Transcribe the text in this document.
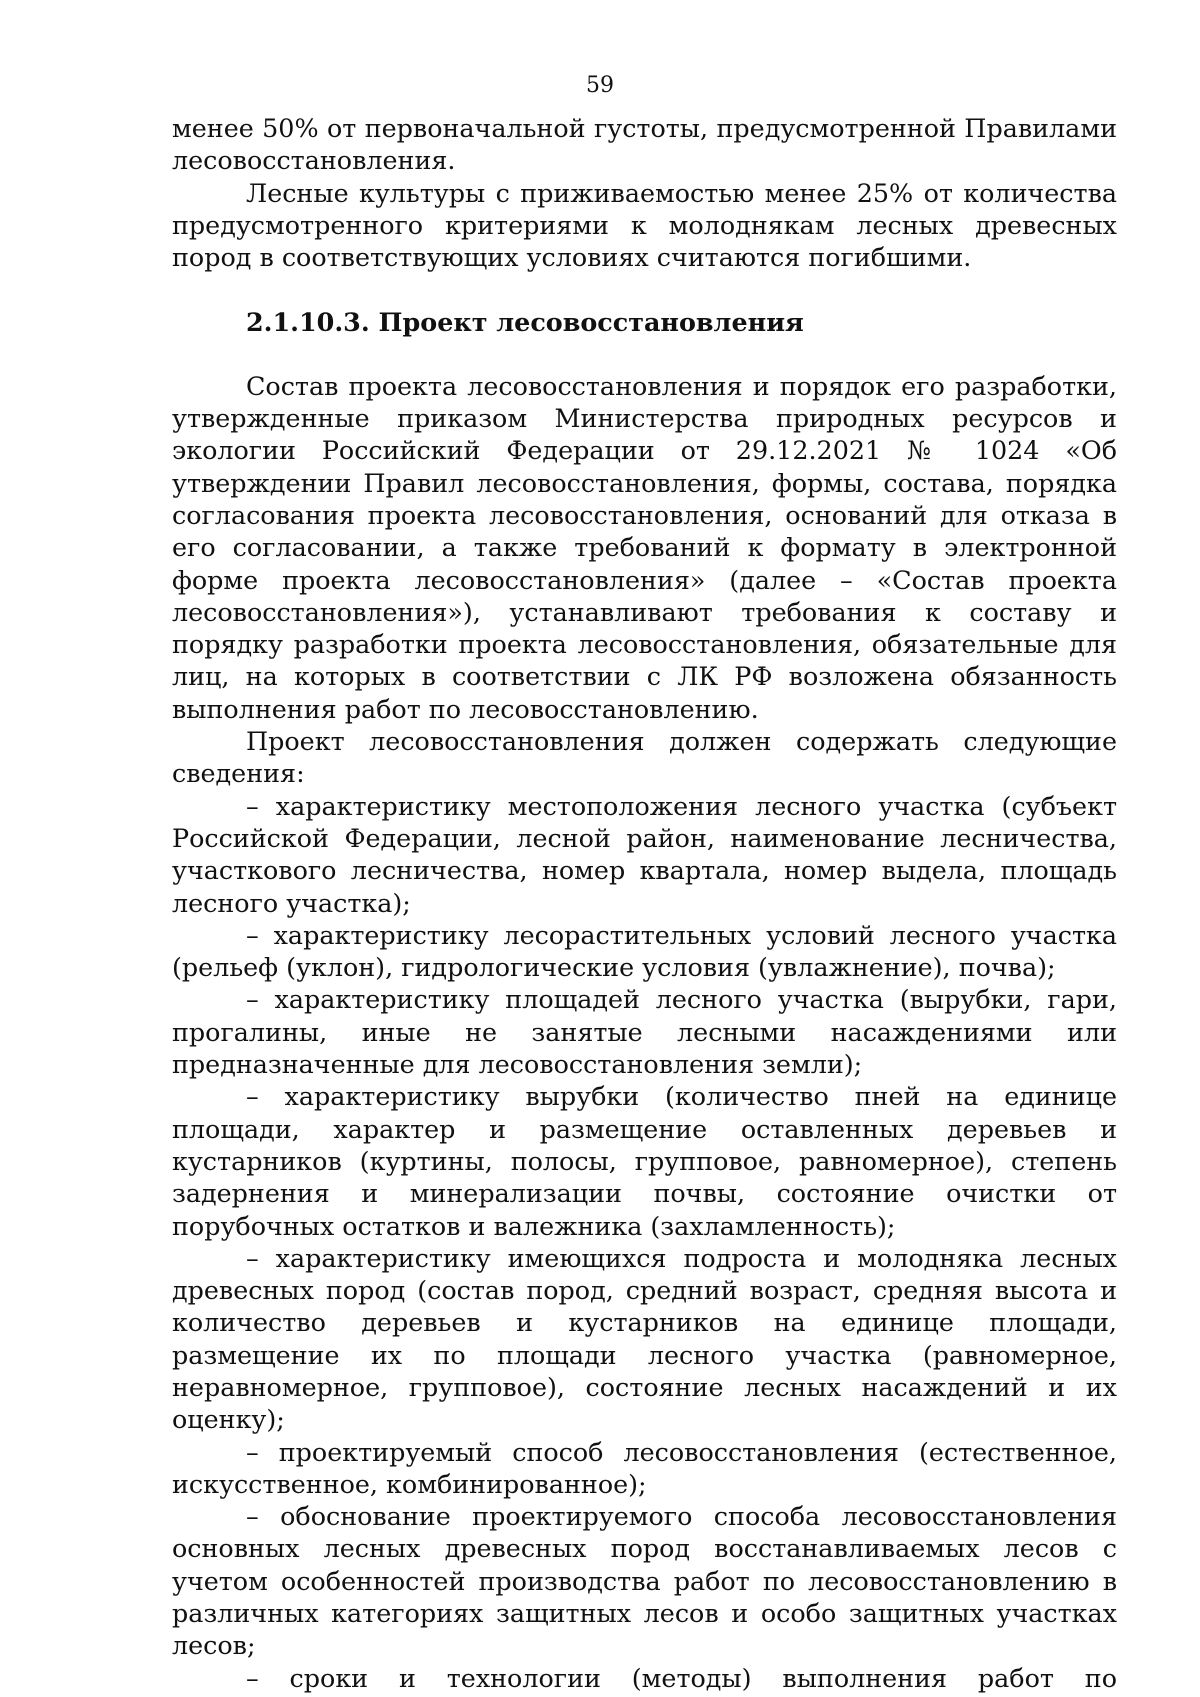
59

менее 50% от первоначальной густоты, предусмотренной Правилами лесовосстановления.

Лесные культуры с приживаемостью менее 25% от количества предусмотренного критериями к молоднякам лесных древесных пород в соответствующих условиях считаются погибшими.

2.1.10.3. Проект лесовосстановления

Состав проекта лесовосстановления и порядок его разработки, утвержденные приказом Министерства природных ресурсов и экологии Российский Федерации от 29.12.2021 № 1024 «Об утверждении Правил лесовосстановления, формы, состава, порядка согласования проекта лесовосстановления, оснований для отказа в его согласовании, а также требований к формату в электронной форме проекта лесовосстановления» (далее – «Состав проекта лесовосстановления»), устанавливают требования к составу и порядку разработки проекта лесовосстановления, обязательные для лиц, на которых в соответствии с ЛК РФ возложена обязанность выполнения работ по лесовосстановлению.

Проект лесовосстановления должен содержать следующие сведения:

– характеристику местоположения лесного участка (субъект Российской Федерации, лесной район, наименование лесничества, участкового лесничества, номер квартала, номер выдела, площадь лесного участка);

– характеристику лесорастительных условий лесного участка (рельеф (уклон), гидрологические условия (увлажнение), почва);

– характеристику площадей лесного участка (вырубки, гари, прогалины, иные не занятые лесными насаждениями или предназначенные для лесовосстановления земли);

– характеристику вырубки (количество пней на единице площади, характер и размещение оставленных деревьев и кустарников (куртины, полосы, групповое, равномерное), степень задернения и минерализации почвы, состояние очистки от порубочных остатков и валежника (захламленность);

– характеристику имеющихся подроста и молодняка лесных древесных пород (состав пород, средний возраст, средняя высота и количество деревьев и кустарников на единице площади, размещение их по площади лесного участка (равномерное, неравномерное, групповое), состояние лесных насаждений и их оценку);

– проектируемый способ лесовосстановления (естественное, искусственное, комбинированное);

– обоснование проектируемого способа лесовосстановления основных лесных древесных пород восстанавливаемых лесов с учетом особенностей производства работ по лесовосстановлению в различных категориях защитных лесов и особо защитных участках лесов;

– сроки и технологии (методы) выполнения работ по
